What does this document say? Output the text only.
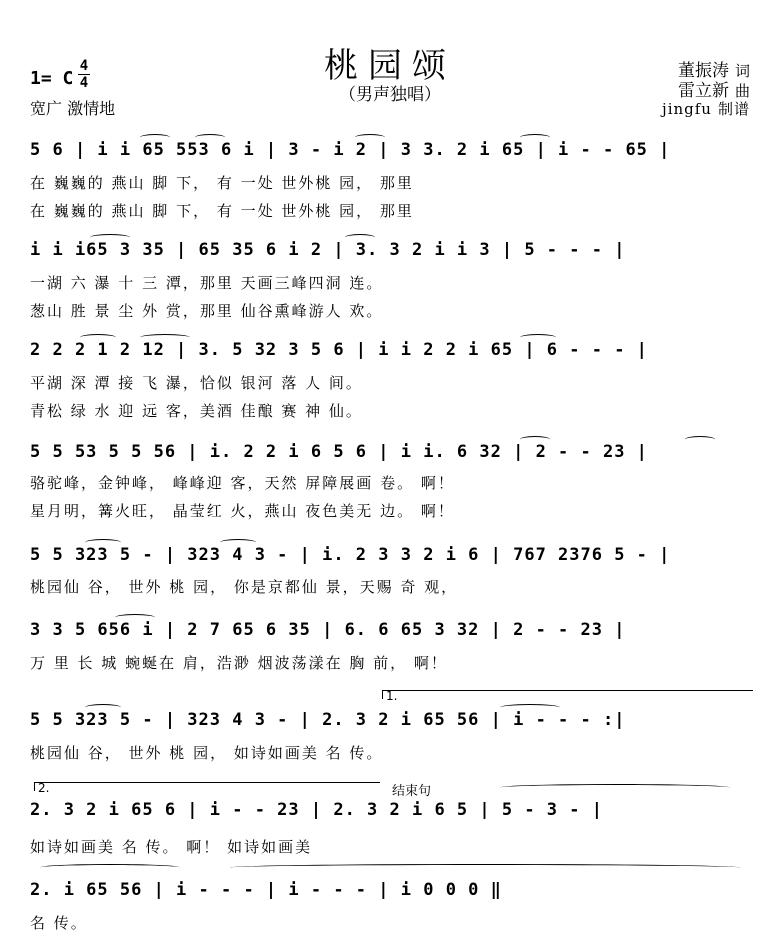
桃园颂
（男声独唱）
1= C
4
4
宽广 激情地
董振涛 词
雷立新 曲
jingfu 制谱
5 6 | i i 65 553 6 i | 3 - i 2 | 3 3. 2 i 65 | i - - 65 |
在 巍巍的 燕山 脚 下， 有 一处 世外桃 园， 那里
在 巍巍的 燕山 脚 下， 有 一处 世外桃 园， 那里
i i i65 3 35 | 65 35 6 i 2 | 3. 3 2 i i 3 | 5 - - - |
一湖 六 瀑 十 三 潭，那里 天画三峰四洞 连。
葱山 胜 景 尘 外 赏，那里 仙谷熏峰游人 欢。
2 2 2 1 2 12 | 3. 5 32 3 5 6 | i i 2 2 i 65 | 6 - - - |
平湖 深 潭 接 飞 瀑，恰似 银河 落 人 间。
青松 绿 水 迎 远 客，美酒 佳酿 赛 神 仙。
5 5 53 5 5 56 | i. 2 2 i 6 5 6 | i i. 6 32 | 2 - - 23 |
骆驼峰，金钟峰， 峰峰迎 客，天然 屏障展画 卷。 啊！
星月明，篝火旺， 晶莹红 火，燕山 夜色美无 边。 啊！
5 5 323 5 - | 323 4 3 - | i. 2 3 3 2 i 6 | 767 2376 5 - |
桃园仙 谷， 世外 桃 园， 你是京都仙 景，天赐 奇 观，
3 3 5 656 i | 2 7 65 6 35 | 6. 6 65 3 32 | 2 - - 23 |
万 里 长 城 蜿蜒在 肩，浩渺 烟波荡漾在 胸 前， 啊！
5 5 323 5 - | 323 4 3 - | 2. 3 2 i 65 56 | i - - - :|
桃园仙 谷， 世外 桃 园， 如诗如画美 名 传。
1.
2.	结束句
2. 3 2 i 65 6 | i - - 23 | 2. 3 2 i 6 5 | 5 - 3 - |
如诗如画美 名 传。 啊！ 如诗如画美
2. i 65 56 | i - - - | i - - - | i 0 0 0 ‖
名 传。
